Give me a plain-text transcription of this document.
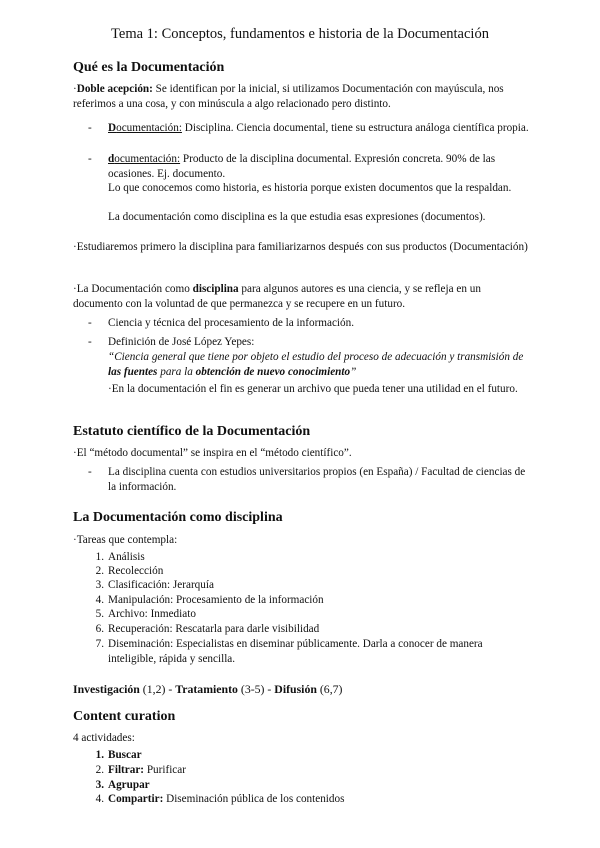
Tema 1: Conceptos, fundamentos e historia de la Documentación
Qué es la Documentación
·Doble acepción: Se identifican por la inicial, si utilizamos Documentación con mayúscula, nos referimos a una cosa, y con minúscula a algo relacionado pero distinto.
- Documentación: Disciplina. Ciencia documental, tiene su estructura análoga científica propia.
- documentación: Producto de la disciplina documental. Expresión concreta. 90% de las ocasiones. Ej. documento.
Lo que conocemos como historia, es historia porque existen documentos que la respaldan.
La documentación como disciplina es la que estudia esas expresiones (documentos).
·Estudiaremos primero la disciplina para familiarizarnos después con sus productos (Documentación)
·La Documentación como disciplina para algunos autores es una ciencia, y se refleja en un documento con la voluntad de que permanezca y se recupere en un futuro.
- Ciencia y técnica del procesamiento de la información.
- Definición de José López Yepes:
“Ciencia general que tiene por objeto el estudio del proceso de adecuación y transmisión de las fuentes para la obtención de nuevo conocimiento”
·En la documentación el fin es generar un archivo que pueda tener una utilidad en el futuro.
Estatuto científico de la Documentación
·El “método documental” se inspira en el “método científico”.
- La disciplina cuenta con estudios universitarios propios (en España) / Facultad de ciencias de la información.
La Documentación como disciplina
·Tareas que contempla:
1. Análisis
2. Recolección
3. Clasificación: Jerarquía
4. Manipulación: Procesamiento de la información
5. Archivo: Inmediato
6. Recuperación: Rescatarla para darle visibilidad
7. Diseminación: Especialistas en diseminar públicamente. Darla a conocer de manera inteligible, rápida y sencilla.
Investigación (1,2) - Tratamiento (3-5) - Difusión (6,7)
Content curation
4 actividades:
1. Buscar
2. Filtrar: Purificar
3. Agrupar
4. Compartir: Diseminación pública de los contenidos
